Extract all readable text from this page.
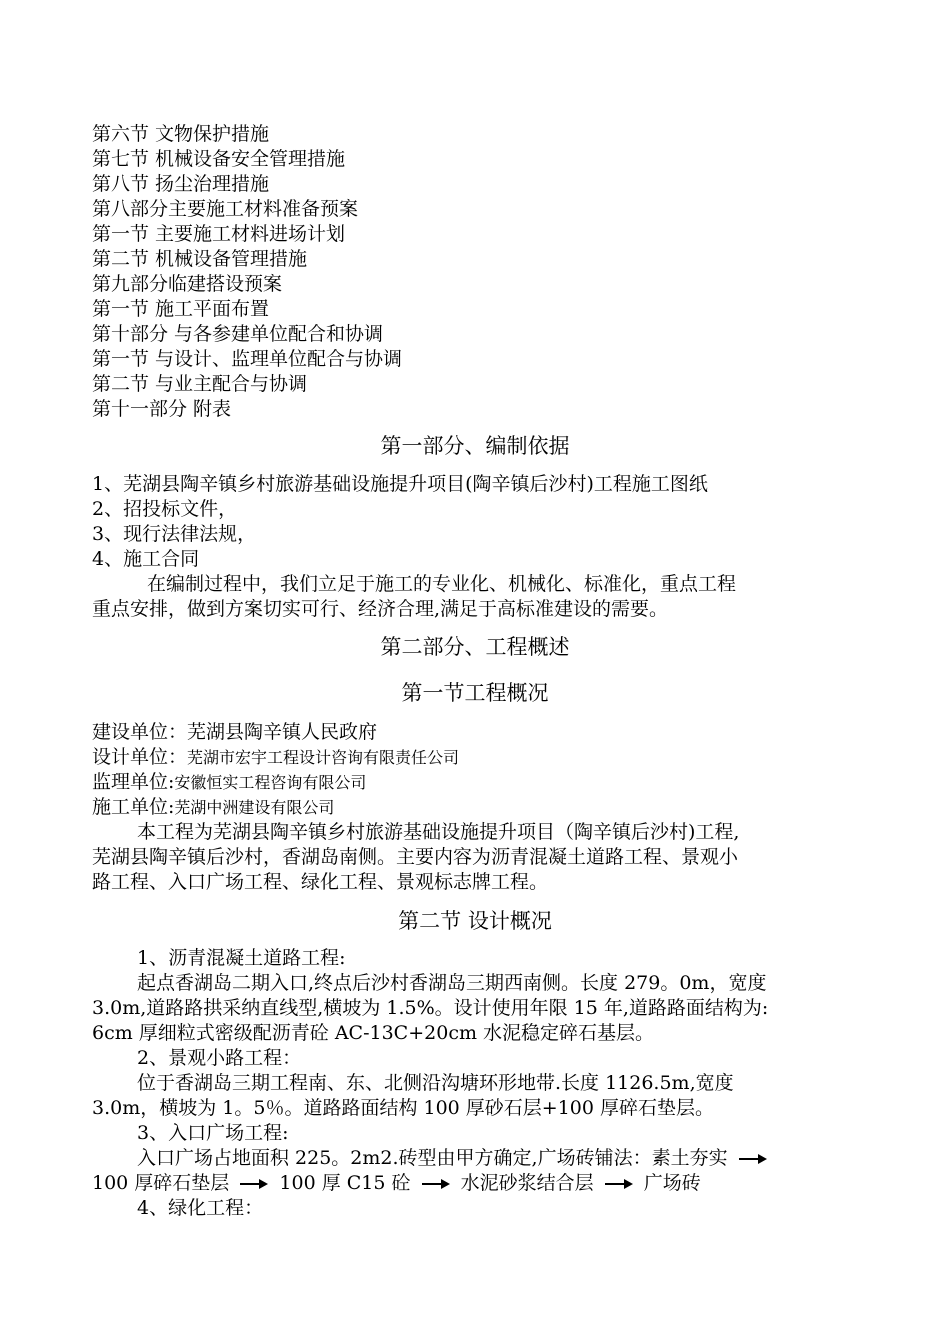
第六节 文物保护措施
第七节 机械设备安全管理措施
第八节 扬尘治理措施
第八部分主要施工材料准备预案
第一节 主要施工材料进场计划
第二节 机械设备管理措施
第九部分临建搭设预案
第一节 施工平面布置
第十部分 与各参建单位配合和协调
第一节 与设计、监理单位配合与协调
第二节 与业主配合与协调
第十一部分 附表
第一部分、编制依据
1、芜湖县陶辛镇乡村旅游基础设施提升项目(陶辛镇后沙村)工程施工图纸
2、招投标文件，
3、现行法律法规，
4、施工合同
在编制过程中，我们立足于施工的专业化、机械化、标准化，重点工程
重点安排，做到方案切实可行、经济合理,满足于高标准建设的需要。
第二部分、工程概述
第一节工程概况
建设单位：芜湖县陶辛镇人民政府
设计单位：芜湖市宏宇工程设计咨询有限责任公司
监理单位:安徽恒实工程咨询有限公司
施工单位:芜湖中洲建设有限公司
本工程为芜湖县陶辛镇乡村旅游基础设施提升项目（陶辛镇后沙村)工程,
芜湖县陶辛镇后沙村，香湖岛南侧。主要内容为沥青混凝土道路工程、景观小
路工程、入口广场工程、绿化工程、景观标志牌工程。
第二节 设计概况
1、沥青混凝土道路工程:
起点香湖岛二期入口,终点后沙村香湖岛三期西南侧。长度 279。0m，宽度
3.0m,道路路拱采纳直线型,横坡为 1.5%。设计使用年限 15 年,道路路面结构为:
6cm 厚细粒式密级配沥青砼 AC-13C+20cm 水泥稳定碎石基层。
2、景观小路工程：
位于香湖岛三期工程南、东、北侧沿沟塘环形地带.长度 1126.5m,宽度
3.0m，横坡为 1。5％。道路路面结构 100 厚砂石层+100 厚碎石垫层。
3、入口广场工程:
入口广场占地面积 225。2m2.砖型由甲方确定,广场砖铺法：素土夯实
100 厚碎石垫层	100 厚 C15 砼	水泥砂浆结合层	广场砖
4、绿化工程：
